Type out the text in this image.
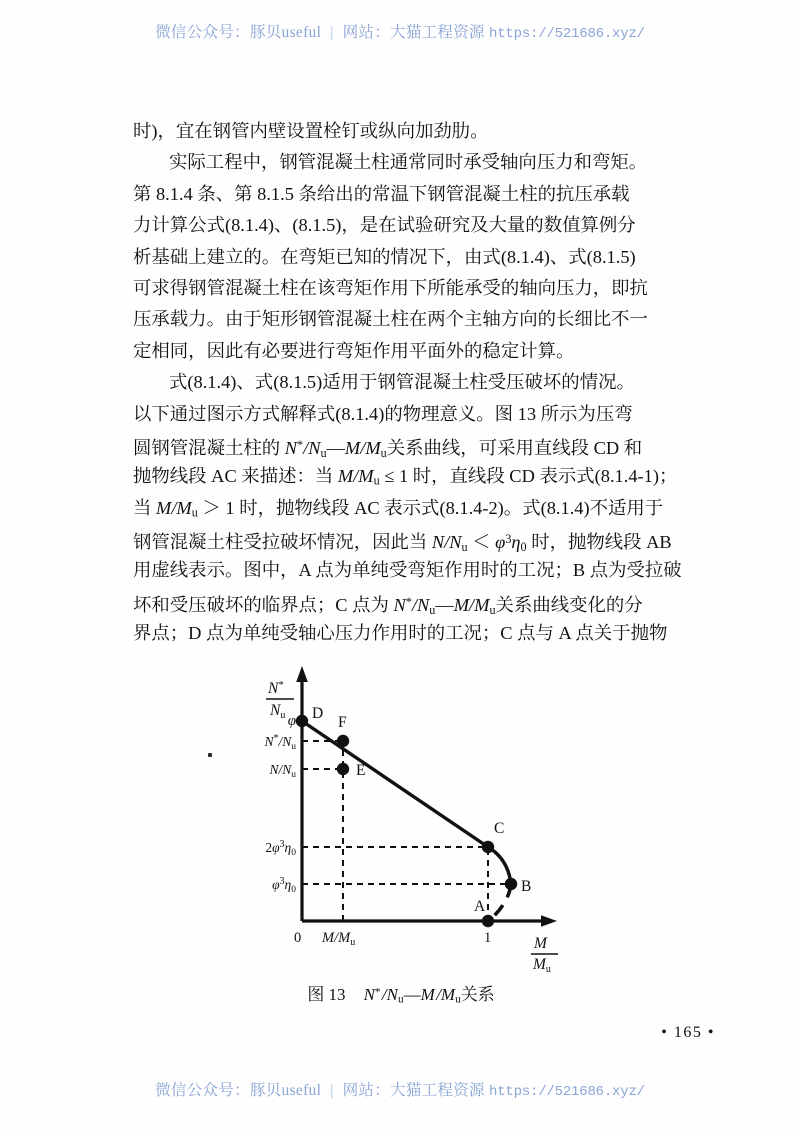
微信公众号：豚贝useful | 网站：大猫工程资源 https://521686.xyz/
时)，宜在钢管内壁设置栓钉或纵向加劲肋。
实际工程中，钢管混凝土柱通常同时承受轴向压力和弯矩。
第 8.1.4 条、第 8.1.5 条给出的常温下钢管混凝土柱的抗压承载
力计算公式(8.1.4)、(8.1.5)，是在试验研究及大量的数值算例分
析基础上建立的。在弯矩已知的情况下，由式(8.1.4)、式(8.1.5)
可求得钢管混凝土柱在该弯矩作用下所能承受的轴向压力，即抗
压承载力。由于矩形钢管混凝土柱在两个主轴方向的长细比不一
定相同，因此有必要进行弯矩作用平面外的稳定计算。
式(8.1.4)、式(8.1.5)适用于钢管混凝土柱受压破坏的情况。
以下通过图示方式解释式(8.1.4)的物理意义。图 13 所示为压弯
圆钢管混凝土柱的 $N^*/N_u—M/M_u$关系曲线，可采用直线段 CD 和
抛物线段 AC 来描述：当 $M/M_u \le 1$ 时，直线段 CD 表示式(8.1.4-1)；
当 $M/M_u > 1$ 时，抛物线段 AC 表示式(8.1.4-2)。式(8.1.4)不适用于
钢管混凝土柱受拉破坏情况，因此当 $N/N_u < \varphi^3\eta_0$ 时，抛物线段 AB
用虚线表示。图中，A 点为单纯受弯矩作用时的工况；B 点为受拉破
坏和受压破坏的临界点；C 点为 $N^*/N_u—M/M_u$关系曲线变化的分
界点；D 点为单纯受轴心压力作用时的工况；C 点与 A 点关于抛物
D
F
E
C
B
A
φ
$N^*/N_u$
$N/N_u$
$2\varphi^3\eta_0$
$\varphi^3\eta_0$
0 $M/M_u$	1
N*
Nu
M
Mu
图 13 N* $/N_u—M$ $/M_u$关系
• 165 •
微信公众号：豚贝useful | 网站：大猫工程资源 https://521686.xyz/
